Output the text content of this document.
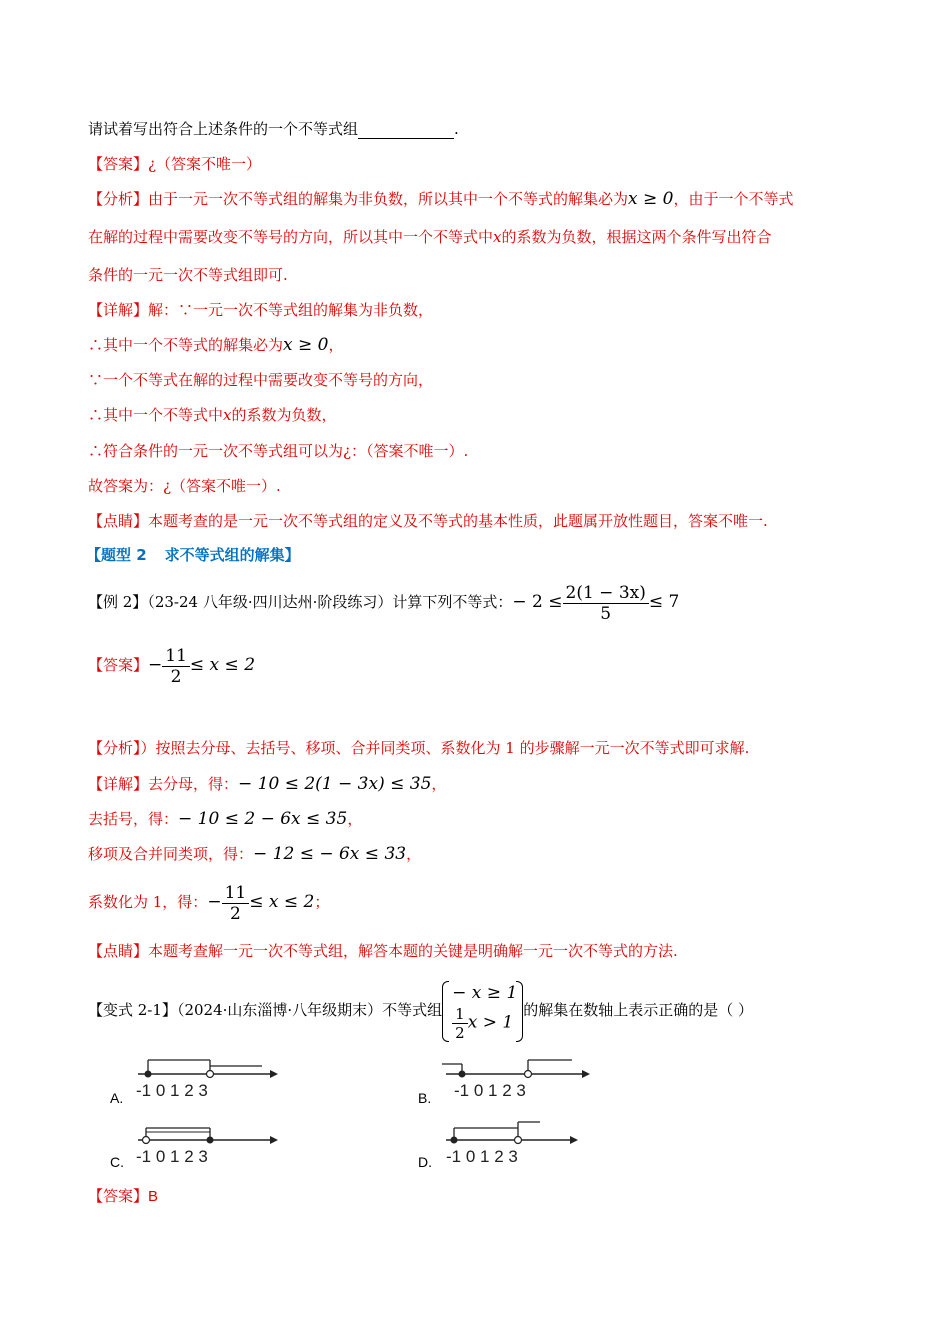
请试着写出符合上述条件的一个不等式组	.
【答案】¿（答案不唯一）
【分析】由于一元一次不等式组的解集为非负数，所以其中一个不等式的解集必为x ≥ 0，由于一个不等式
在解的过程中需要改变不等号的方向，所以其中一个不等式中x的系数为负数，根据这两个条件写出符合
条件的一元一次不等式组即可.
【详解】解：∵一元一次不等式组的解集为非负数，
∴其中一个不等式的解集必为x ≥ 0，
∵一个不等式在解的过程中需要改变不等号的方向，
∴其中一个不等式中x的系数为负数，
∴符合条件的一元一次不等式组可以为¿：（答案不唯一）.
故答案为：¿（答案不唯一）.
【点睛】本题考查的是一元一次不等式组的定义及不等式的基本性质，此题属开放性题目，答案不唯一.
【题型 2 求不等式组的解集】
【例 2】（23-24 八年级·四川达州·阶段练习）计算下列不等式：− $2 \le \frac{2(1 - 3x)}{5} \le 7$
【答案】− $\frac{11}{2} \le x \le 2$
【分析】）按照去分母、去括号、移项、合并同类项、系数化为 1 的步骤解一元一次不等式即可求解.
【详解】去分母，得：− 10 ≤ 2(1 − 3x) ≤ 35，
去括号，得：− 10 ≤ 2 − 6x ≤ 35，
移项及合并同类项，得：− 12 ≤ − 6x ≤ 33，
系数化为 1，得：− $\frac{11}{2} \le x \le 2$；
【点睛】本题考查解一元一次不等式组，解答本题的关键是明确解一元一次不等式的方法.
【变式 2-1】（2024·山东淄博·八年级期末）不等式组
− x ≥ 1
$\frac{1}{2}$ x > 1
的解集在数轴上表示正确的是（ ）
A. -1 0 1 2 3	B. -1 0 1 2 3
C. -1 0 1 2 3	D. -1 0 1 2 3
【答案】B
